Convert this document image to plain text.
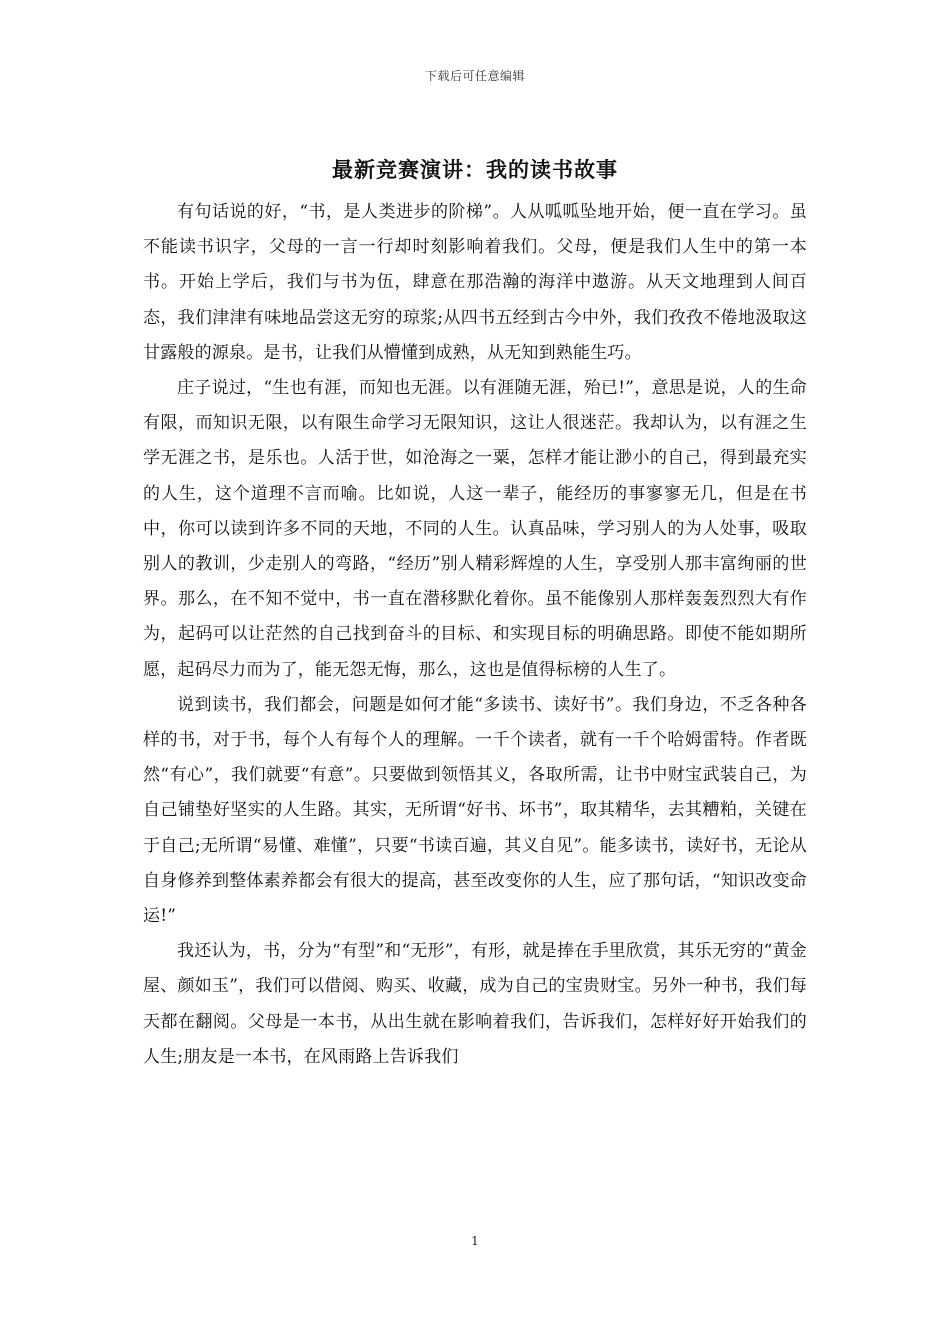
下载后可任意编辑
最新竞赛演讲：我的读书故事

有句话说的好，“书，是人类进步的阶梯”。人从呱呱坠地开始，便一直在学习。虽不能读书识字，父母的一言一行却时刻影响着我们。父母，便是我们人生中的第一本书。开始上学后，我们与书为伍，肆意在那浩瀚的海洋中遨游。从天文地理到人间百态，我们津津有味地品尝这无穷的琼浆;从四书五经到古今中外，我们孜孜不倦地汲取这甘露般的源泉。是书，让我们从懵懂到成熟，从无知到熟能生巧。

庄子说过，“生也有涯，而知也无涯。以有涯随无涯，殆已!”，意思是说，人的生命有限，而知识无限，以有限生命学习无限知识，这让人很迷茫。我却认为，以有涯之生学无涯之书，是乐也。人活于世，如沧海之一粟，怎样才能让渺小的自己，得到最充实的人生，这个道理不言而喻。比如说，人这一辈子，能经历的事寥寥无几，但是在书中，你可以读到许多不同的天地，不同的人生。认真品味，学习别人的为人处事，吸取别人的教训，少走别人的弯路，“经历”别人精彩辉煌的人生，享受别人那丰富绚丽的世界。那么，在不知不觉中，书一直在潜移默化着你。虽不能像别人那样轰轰烈烈大有作为，起码可以让茫然的自己找到奋斗的目标、和实现目标的明确思路。即使不能如期所愿，起码尽力而为了，能无怨无悔，那么，这也是值得标榜的人生了。

说到读书，我们都会，问题是如何才能“多读书、读好书”。我们身边，不乏各种各样的书，对于书，每个人有每个人的理解。一千个读者，就有一千个哈姆雷特。作者既然“有心”，我们就要“有意”。只要做到领悟其义，各取所需，让书中财宝武装自己，为自己铺垫好坚实的人生路。其实，无所谓“好书、坏书”，取其精华，去其糟粕，关键在于自己;无所谓“易懂、难懂”，只要“书读百遍，其义自见”。能多读书，读好书，无论从自身修养到整体素养都会有很大的提高，甚至改变你的人生，应了那句话，“知识改变命运!”

我还认为，书，分为“有型”和“无形”，有形，就是捧在手里欣赏，其乐无穷的“黄金屋、颜如玉”，我们可以借阅、购买、收藏，成为自己的宝贵财宝。另外一种书，我们每天都在翻阅。父母是一本书，从出生就在影响着我们，告诉我们，怎样好好开始我们的人生;朋友是一本书，在风雨路上告诉我们

1
